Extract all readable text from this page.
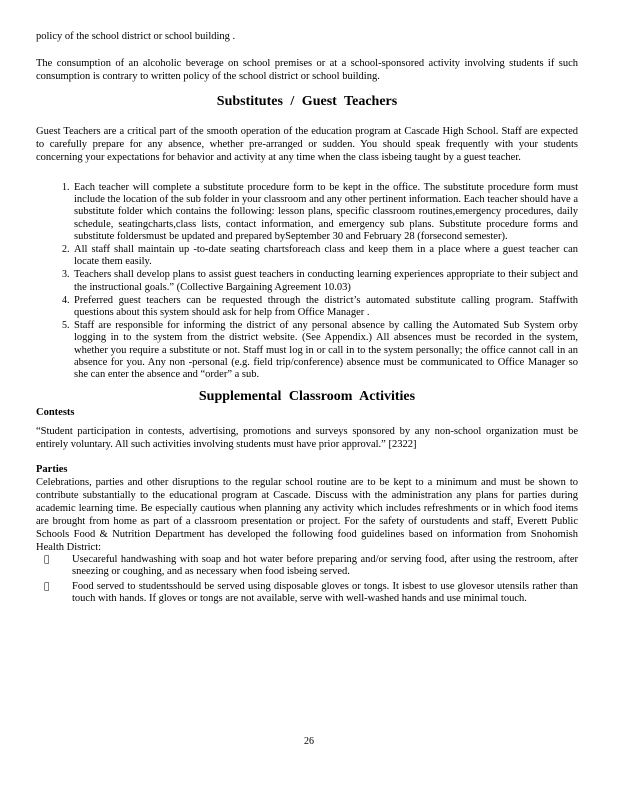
policy of the school district or school building .

The consumption of an alcoholic beverage on school premises or at a school-sponsored activity involving students if such consumption is contrary to written policy of the school district or school building.

Substitutes / Guest Teachers

Guest Teachers are a critical part of the smooth operation of the education program at Cascade High School. Staff are expected to carefully prepare for any absence, whether pre-arranged or sudden. You should speak frequently with your students concerning your expectations for behavior and activity at any time when the class isbeing taught by a guest teacher.

1. Each teacher will complete a substitute procedure form to be kept in the office. The substitute procedure form must include the location of the sub folder in your classroom and any other pertinent information. Each teacher should have a substitute folder which contains the following: lesson plans, specific classroom routines,emergency procedures, daily schedule, seatingcharts,class lists, contact information, and emergency sub plans. Substitute procedure forms and substitute foldersmust be updated and prepared bySeptember 30 and February 28 (forsecond semester).
2. All staff shall maintain up -to-date seating chartsforeach class and keep them in a place where a guest teacher can locate them easily.
3. Teachers shall develop plans to assist guest teachers in conducting learning experiences appropriate to their subject and the instructional goals.” (Collective Bargaining Agreement 10.03)
4. Preferred guest teachers can be requested through the district’s automated substitute calling program. Staffwith questions about this system should ask for help from Office Manager .
5. Staff are responsible for informing the district of any personal absence by calling the Automated Sub System orby logging in to the system from the district website. (See Appendix.) All absences must be recorded in the system, whether you require a substitute or not. Staff must log in or call in to the system personally; the office cannot call in an absence for you. Any non -personal (e.g. field trip/conference) absence must be communicated to Office Manager so she can enter the absence and “order” a sub.
Supplemental Classroom Activities
Contests

“Student participation in contests, advertising, promotions and surveys sponsored by any non-school organization must be entirely voluntary. All such activities involving students must have prior approval.” [2322]

Parties

Celebrations, parties and other disruptions to the regular school routine are to be kept to a minimum and must be shown to contribute substantially to the educational program at Cascade. Discuss with the administration any plans for parties during academic learning time. Be especially cautious when planning any activity which includes refreshments or in which food items are brought from home as part of a classroom presentation or project. For the safety of ourstudents and staff, Everett Public Schools Food & Nutrition Department has developed the following food guidelines based on information from Snohomish Health District:

Usecareful handwashing with soap and hot water before preparing and/or serving food, after using the restroom, after sneezing or coughing, and as necessary when food isbeing served.
Food served to studentsshould be served using disposable gloves or tongs. It isbest to use glovesor utensils rather than touch with hands. If gloves or tongs are not available, serve with well-washed hands and use minimal touch.
26
